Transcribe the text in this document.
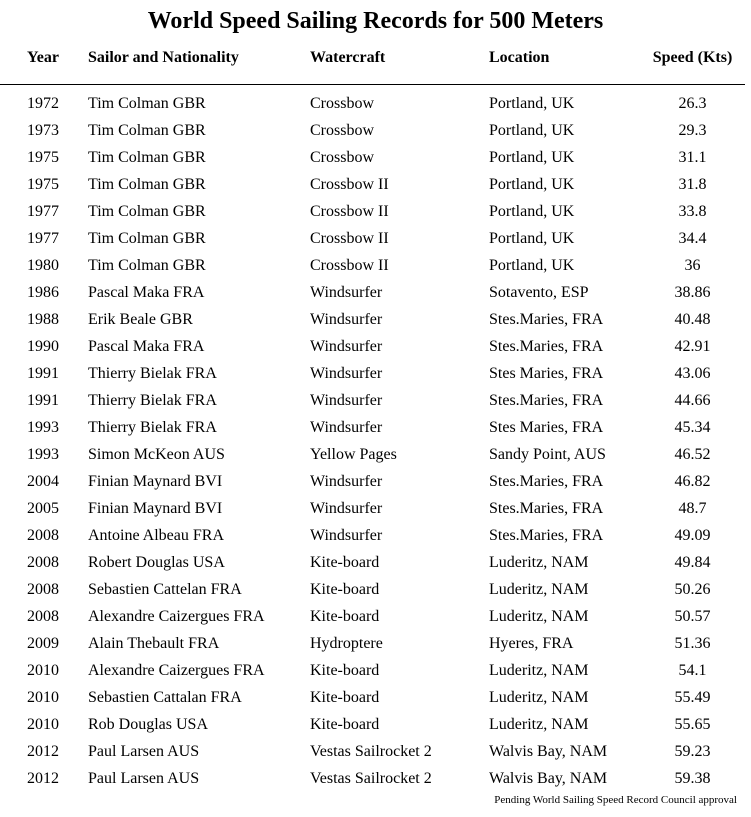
World Speed Sailing Records for 500 Meters
Year	Sailor and Nationality	Watercraft	Location	Speed (Kts)
1972	Tim Colman GBR	Crossbow	Portland, UK	26.3
1973	Tim Colman GBR	Crossbow	Portland, UK	29.3
1975	Tim Colman GBR	Crossbow	Portland, UK	31.1
1975	Tim Colman GBR	Crossbow II	Portland, UK	31.8
1977	Tim Colman GBR	Crossbow II	Portland, UK	33.8
1977	Tim Colman GBR	Crossbow II	Portland, UK	34.4
1980	Tim Colman GBR	Crossbow II	Portland, UK	36
1986	Pascal Maka FRA	Windsurfer	Sotavento, ESP	38.86
1988	Erik Beale GBR	Windsurfer	Stes.Maries, FRA	40.48
1990	Pascal Maka FRA	Windsurfer	Stes.Maries, FRA	42.91
1991	Thierry Bielak FRA	Windsurfer	Stes Maries, FRA	43.06
1991	Thierry Bielak FRA	Windsurfer	Stes.Maries, FRA	44.66
1993	Thierry Bielak FRA	Windsurfer	Stes Maries, FRA	45.34
1993	Simon McKeon AUS	Yellow Pages	Sandy Point, AUS	46.52
2004	Finian Maynard BVI	Windsurfer	Stes.Maries, FRA	46.82
2005	Finian Maynard BVI	Windsurfer	Stes.Maries, FRA	48.7
2008	Antoine Albeau FRA	Windsurfer	Stes.Maries, FRA	49.09
2008	Robert Douglas USA	Kite-board	Luderitz, NAM	49.84
2008	Sebastien Cattelan FRA	Kite-board	Luderitz, NAM	50.26
2008	Alexandre Caizergues FRA	Kite-board	Luderitz, NAM	50.57
2009	Alain Thebault FRA	Hydroptere	Hyeres, FRA	51.36
2010	Alexandre Caizergues FRA	Kite-board	Luderitz, NAM	54.1
2010	Sebastien Cattalan FRA	Kite-board	Luderitz, NAM	55.49
2010	Rob Douglas USA	Kite-board	Luderitz, NAM	55.65
2012	Paul Larsen AUS	Vestas Sailrocket 2	Walvis Bay, NAM	59.23
2012	Paul Larsen AUS	Vestas Sailrocket 2	Walvis Bay, NAM	59.38
Pending World Sailing Speed Record Council approval
